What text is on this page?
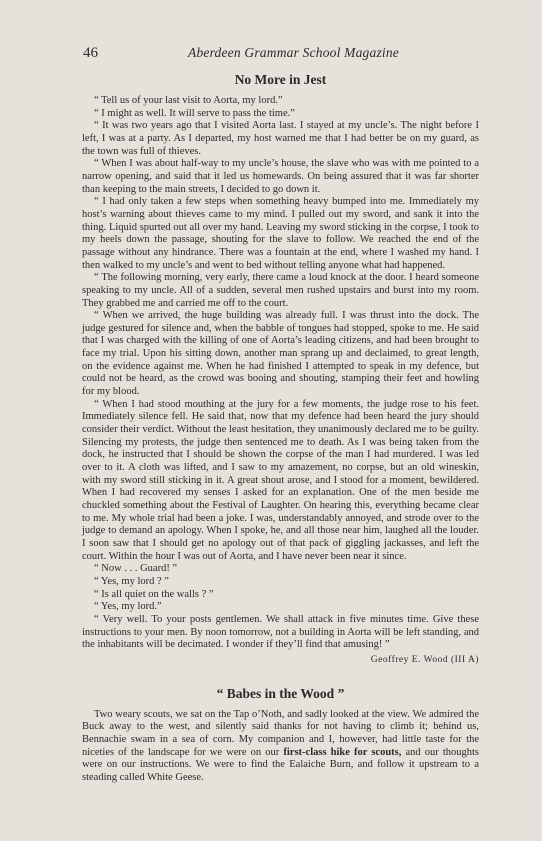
46	Aberdeen Grammar School Magazine
No More in Jest

“ Tell us of your last visit to Aorta, my lord.”

“ I might as well. It will serve to pass the time.”

“ It was two years ago that I visited Aorta last. I stayed at my uncle’s. The night before I left, I was at a party. As I departed, my host warned me that I had better be on my guard, as the town was full of thieves.

“ When I was about half-way to my uncle’s house, the slave who was with me pointed to a narrow opening, and said that it led us homewards. On being assured that it was far shorter than keeping to the main streets, I decided to go down it.

“ I had only taken a few steps when something heavy bumped into me. Immediately my host’s warning about thieves came to my mind. I pulled out my sword, and sank it into the thing. Liquid spurted out all over my hand. Leaving my sword sticking in the corpse, I took to my heels down the passage, shouting for the slave to follow. We reached the end of the passage without any hindrance. There was a fountain at the end, where I washed my hand. I then walked to my uncle’s and went to bed without telling anyone what had happened.

“ The following morning, very early, there came a loud knock at the door. I heard someone speaking to my uncle. All of a sudden, several men rushed upstairs and burst into my room. They grabbed me and carried me off to the court.

“ When we arrived, the huge building was already full. I was thrust into the dock. The judge gestured for silence and, when the babble of tongues had stopped, spoke to me. He said that I was charged with the killing of one of Aorta’s leading citizens, and had been brought to face my trial. Upon his sitting down, another man sprang up and declaimed, to great length, on the evidence against me. When he had finished I attempted to speak in my defence, but could not be heard, as the crowd was booing and shouting, stamping their feet and howling for my blood.

“ When I had stood mouthing at the jury for a few moments, the judge rose to his feet. Immediately silence fell. He said that, now that my defence had been heard the jury should consider their verdict. Without the least hesitation, they unanimously declared me to be guilty. Silencing my protests, the judge then sentenced me to death. As I was being taken from the dock, he instructed that I should be shown the corpse of the man I had murdered. I was led over to it. A cloth was lifted, and I saw to my amazement, no corpse, but an old wineskin, with my sword still sticking in it. A great shout arose, and I stood for a moment, bewildered. When I had recovered my senses I asked for an explanation. One of the men beside me chuckled something about the Festival of Laughter. On hearing this, everything became clear to me. My whole trial had been a joke. I was, understandably annoyed, and strode over to the judge to demand an apology. When I spoke, he, and all those near him, laughed all the louder. I soon saw that I should get no apology out of that pack of giggling jackasses, and left the court. Within the hour I was out of Aorta, and I have never been near it since.

“ Now . . . Guard! ”

“ Yes, my lord ? ”

“ Is all quiet on the walls ? ”

“ Yes, my lord.”

“ Very well. To your posts gentlemen. We shall attack in five minutes time. Give these instructions to your men. By noon tomorrow, not a building in Aorta will be left standing, and the inhabitants will be decimated. I wonder if they’ll find that amusing! ”

Geoffrey E. Wood (III A)
“ Babes in the Wood ”

Two weary scouts, we sat on the Tap o’Noth, and sadly looked at the view. We admired the Buck away to the west, and silently said thanks for not having to climb it; behind us, Bennachie swam in a sea of corn. My companion and I, however, had little taste for the niceties of the landscape for we were on our first-class hike for scouts, and our thoughts were on our instructions. We were to find the Ealaiche Burn, and follow it upstream to a steading called White Geese.
